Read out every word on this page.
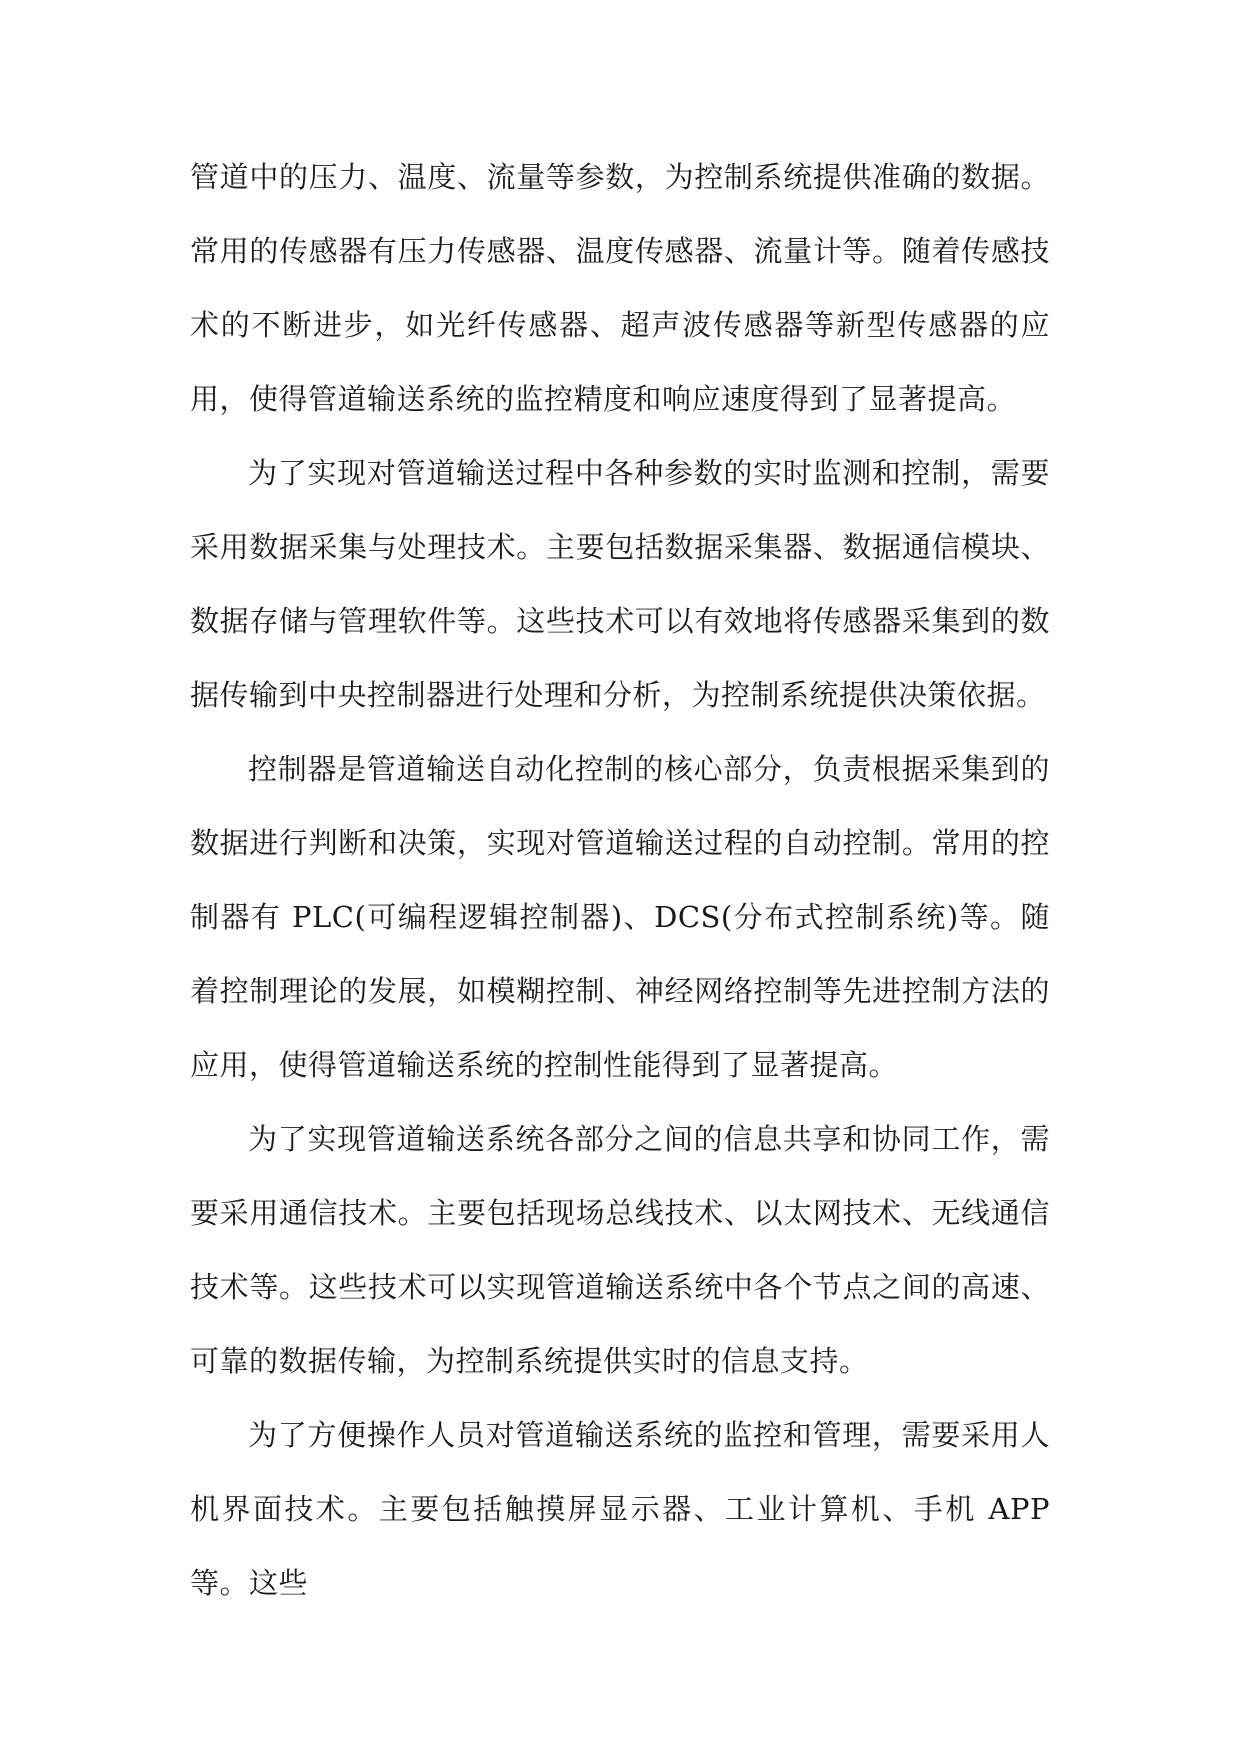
管道中的压力、温度、流量等参数，为控制系统提供准确的数据。常用的传感器有压力传感器、温度传感器、流量计等。随着传感技术的不断进步，如光纤传感器、超声波传感器等新型传感器的应用，使得管道输送系统的监控精度和响应速度得到了显著提高。

为了实现对管道输送过程中各种参数的实时监测和控制，需要采用数据采集与处理技术。主要包括数据采集器、数据通信模块、数据存储与管理软件等。这些技术可以有效地将传感器采集到的数据传输到中央控制器进行处理和分析，为控制系统提供决策依据。

控制器是管道输送自动化控制的核心部分，负责根据采集到的数据进行判断和决策，实现对管道输送过程的自动控制。常用的控制器有 PLC(可编程逻辑控制器)、DCS(分布式控制系统)等。随着控制理论的发展，如模糊控制、神经网络控制等先进控制方法的应用，使得管道输送系统的控制性能得到了显著提高。

为了实现管道输送系统各部分之间的信息共享和协同工作，需要采用通信技术。主要包括现场总线技术、以太网技术、无线通信技术等。这些技术可以实现管道输送系统中各个节点之间的高速、可靠的数据传输，为控制系统提供实时的信息支持。

为了方便操作人员对管道输送系统的监控和管理，需要采用人机界面技术。主要包括触摸屏显示器、工业计算机、手机 APP 等。这些
